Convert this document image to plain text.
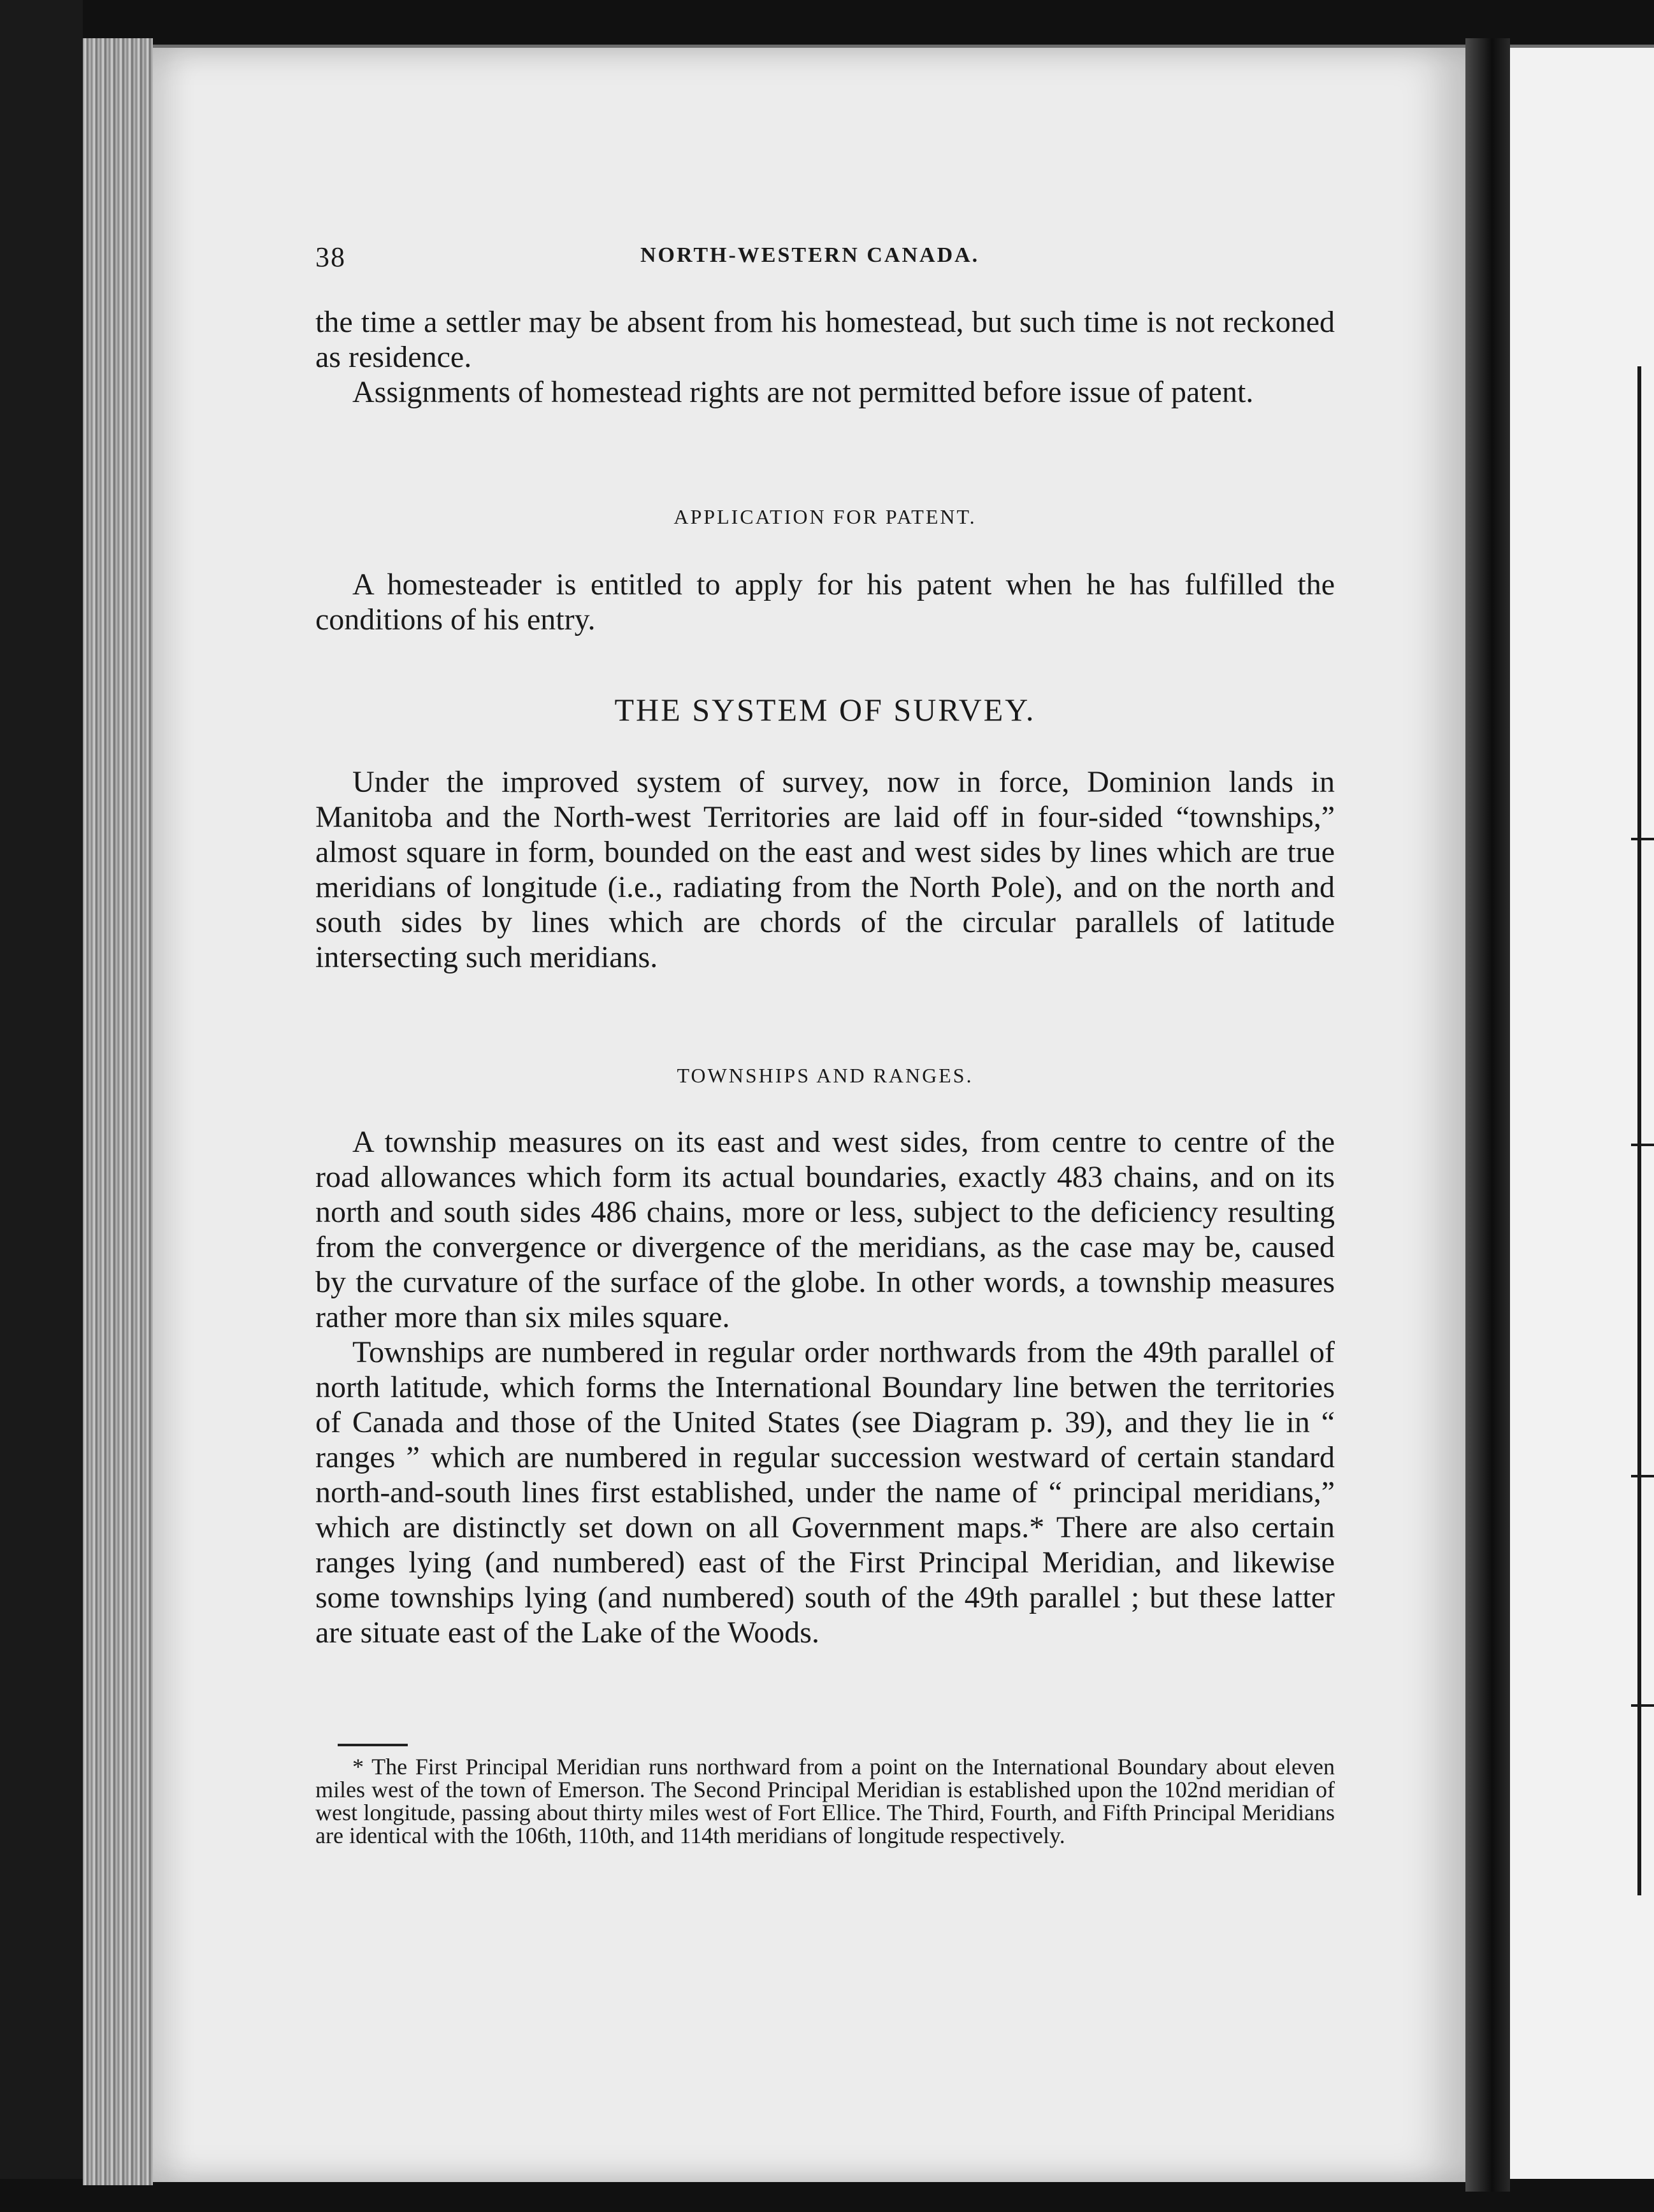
38	NORTH-WESTERN CANADA.

the time a settler may be absent from his homestead, but such time is not reckoned as residence.

Assignments of homestead rights are not permitted before issue of patent.

APPLICATION FOR PATENT.

A homesteader is entitled to apply for his patent when he has fulfilled the conditions of his entry.

THE SYSTEM OF SURVEY.

Under the improved system of survey, now in force, Dominion lands in Manitoba and the North-west Territories are laid off in four-sided “townships,” almost square in form, bounded on the east and west sides by lines which are true meridians of longitude (i.e., radiating from the North Pole), and on the north and south sides by lines which are chords of the circular parallels of latitude intersecting such meridians.

TOWNSHIPS AND RANGES.

A township measures on its east and west sides, from centre to centre of the road allowances which form its actual boundaries, exactly 483 chains, and on its north and south sides 486 chains, more or less, subject to the deficiency resulting from the convergence or divergence of the meridians, as the case may be, caused by the curvature of the surface of the globe. In other words, a township measures rather more than six miles square.

Townships are numbered in regular order northwards from the 49th parallel of north latitude, which forms the International Boundary line betwen the territories of Canada and those of the United States (see Diagram p. 39), and they lie in “ ranges ” which are numbered in regular succession westward of certain standard north-and-south lines first established, under the name of “ principal meridians,” which are distinctly set down on all Government maps.* There are also certain ranges lying (and numbered) east of the First Principal Meridian, and likewise some townships lying (and numbered) south of the 49th parallel ; but these latter are situate east of the Lake of the Woods.

* The First Principal Meridian runs northward from a point on the International Boundary about eleven miles west of the town of Emerson. The Second Principal Meridian is established upon the 102nd meridian of west longitude, passing about thirty miles west of Fort Ellice. The Third, Fourth, and Fifth Principal Meridians are identical with the 106th, 110th, and 114th meridians of longitude respectively.
